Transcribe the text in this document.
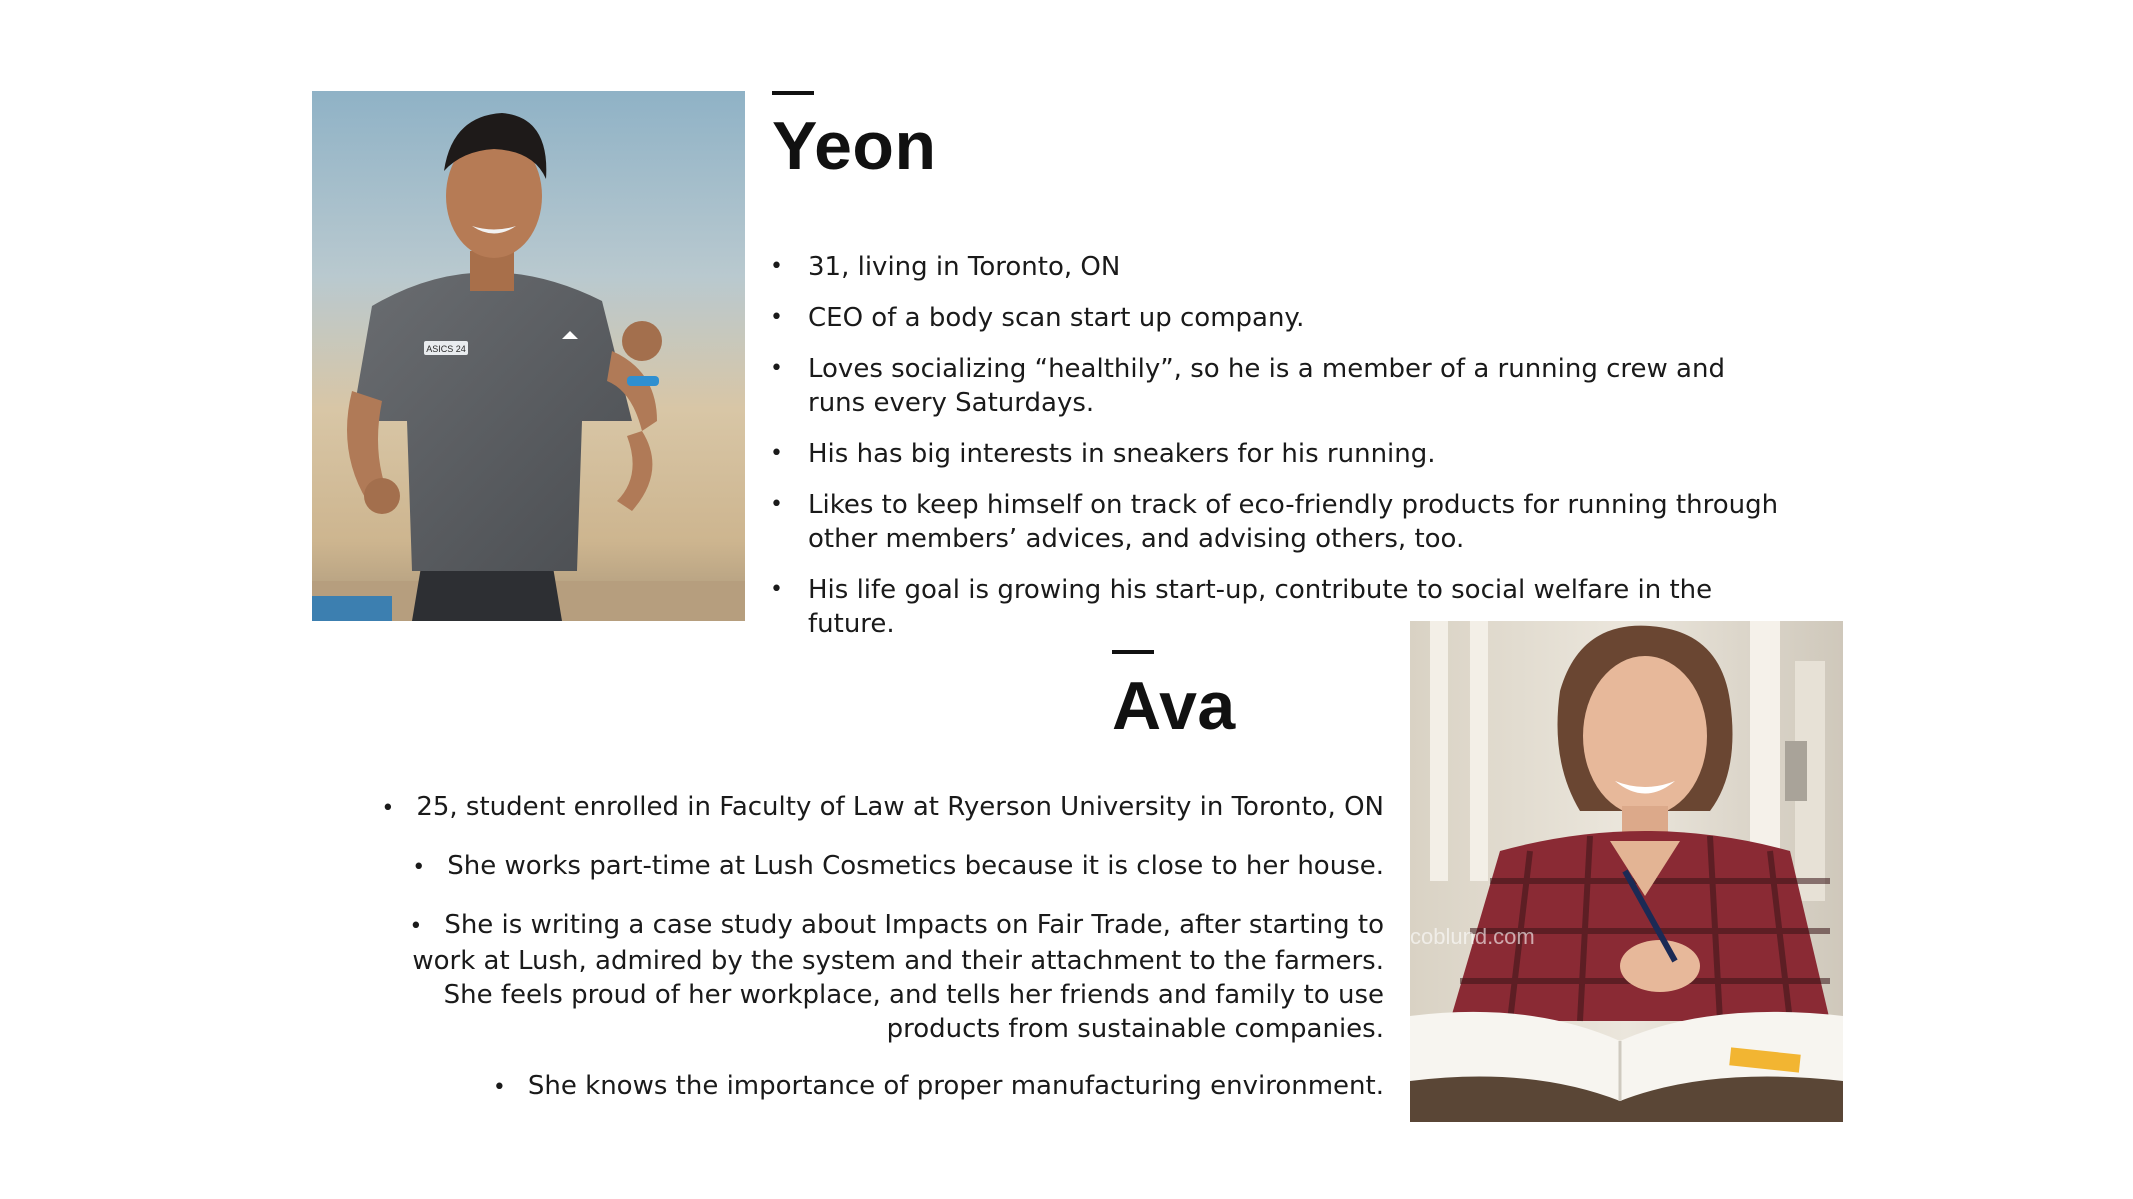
ASICS 24
Yeon
• 31, living in Toronto, ON
• CEO of a body scan start up company.
• Loves socializing “healthily”, so he is a member of a running crew and runs every Saturdays.
• His has big interests in sneakers for his running.
• Likes to keep himself on track of eco-friendly products for running through other members’ advices, and advising others, too.
• His life goal is growing his start-up, contribute to social welfare in the future.
Ava
• 25, student enrolled in Faculty of Law at Ryerson University in Toronto, ON
• She works part-time at Lush Cosmetics because it is close to her house.
• She is writing a case study about Impacts on Fair Trade, after starting to work at Lush, admired by the system and their attachment to the farmers. She feels proud of her workplace, and tells her friends and family to use products from sustainable companies.
• She knows the importance of proper manufacturing environment.
coblund.com
